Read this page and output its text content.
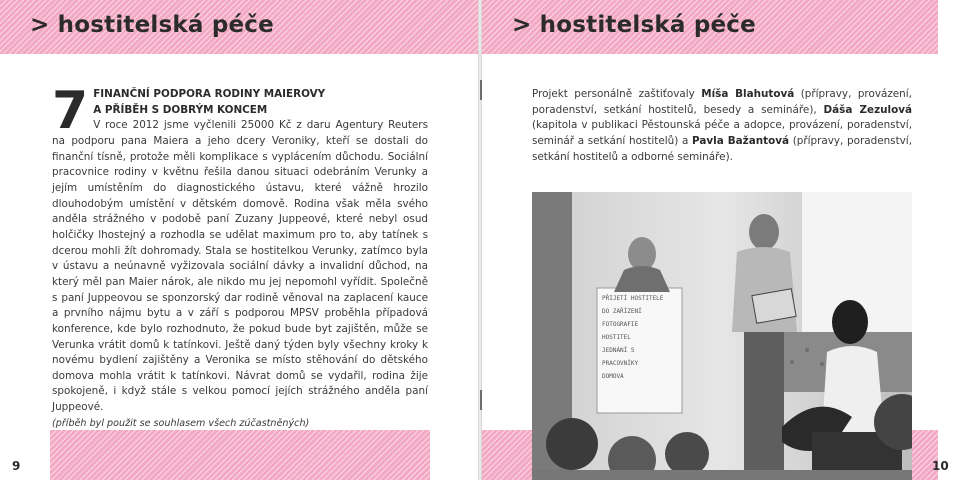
> hostitelská péče
7 FINANČNÍ PODPORA RODINY MAIEROVY
A PŘÍBĚH S DOBRÝM KONCEM
V roce 2012 jsme vyčlenili 25000 Kč z daru Agentury Reuters na podporu pana Maiera a jeho dcery Veroniky, kteří se dostali do finanční tísně, protože měli komplikace s vyplácením důchodu. Sociální pracovnice rodiny v květnu řešila danou situaci odebráním Verunky a jejím umístěním do diagnostického ústavu, které vážně hrozilo dlouhodobým umístění v dětském domově. Rodina však měla svého anděla strážného v podobě paní Zuzany Juppeové, které nebyl osud holčičky lhostejný a rozhodla se udělat maximum pro to, aby tatínek s dcerou mohli žít dohromady. Stala se hostitelkou Verunky, zatímco byla v ústavu a neúnavně vyžizovala sociální dávky a invalidní důchod, na který měl pan Maier nárok, ale nikdo mu jej nepomohl vyřídit. Společně s paní Juppeovou se sponzorský dar rodině věnoval na zaplacení kauce a prvního nájmu bytu a v září s podporou MPSV proběhla případová konference, kde bylo rozhodnuto, že pokud bude byt zajištěn, může se Verunka vrátit domů k tatínkovi. Ještě daný týden byly všechny kroky k novému bydlení zajištěny a Veronika se místo stěhování do dětského domova mohla vrátit k tatínkovi. Návrat domů se vydařil, rodina žije spokojeně, i když stále s velkou pomocí jejích strážného anděla paní Juppeové.
(příběh byl použit se souhlasem všech zúčastněných)
9
> hostitelská péče
Projekt personálně zaštiťovaly Míša Blahutová (přípravy, provázení, poradenství, setkání hostitelů, besedy a semináře), Dáša Zezulová (kapitola v publikaci Pěstounská péče a adopce, provázení, poradenství, seminář a setkání hostitelů) a Pavla Bažantová (přípravy, poradenství, setkání hostitelů a odborné semináře).
PŘIJETÍ HOSTITELE
DO ZAŘÍZENÍ
FOTOGRAFIE
HOSTITEL
JEDNÁNÍ S
PRACOVNÍKY
DOMOVA
10
